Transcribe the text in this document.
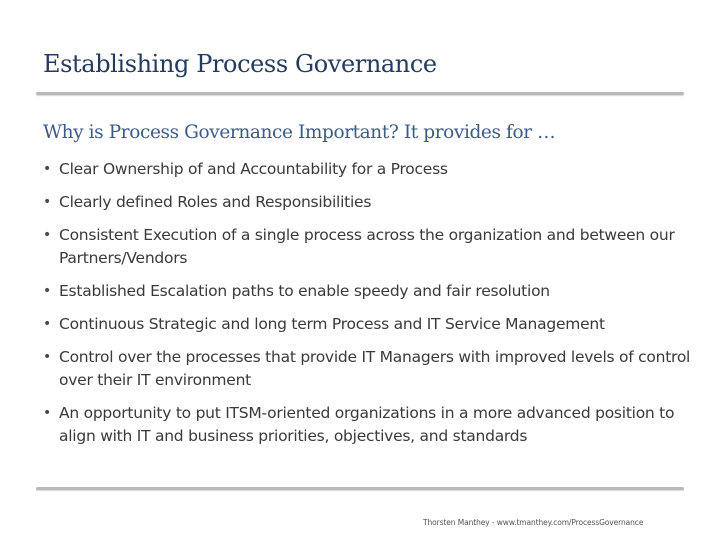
Establishing Process Governance
Why is Process Governance Important? It provides for …
• Clear Ownership of and Accountability for a Process
• Clearly defined Roles and Responsibilities
• Consistent Execution of a single process across the organization and between our Partners/Vendors
• Established Escalation paths to enable speedy and fair resolution
• Continuous Strategic and long term Process and IT Service Management
• Control over the processes that provide IT Managers with improved levels of control over their IT environment
• An opportunity to put ITSM-oriented organizations in a more advanced position to align with IT and business priorities, objectives, and standards
Thorsten Manthey - www.tmanthey.com/ProcessGovernance
